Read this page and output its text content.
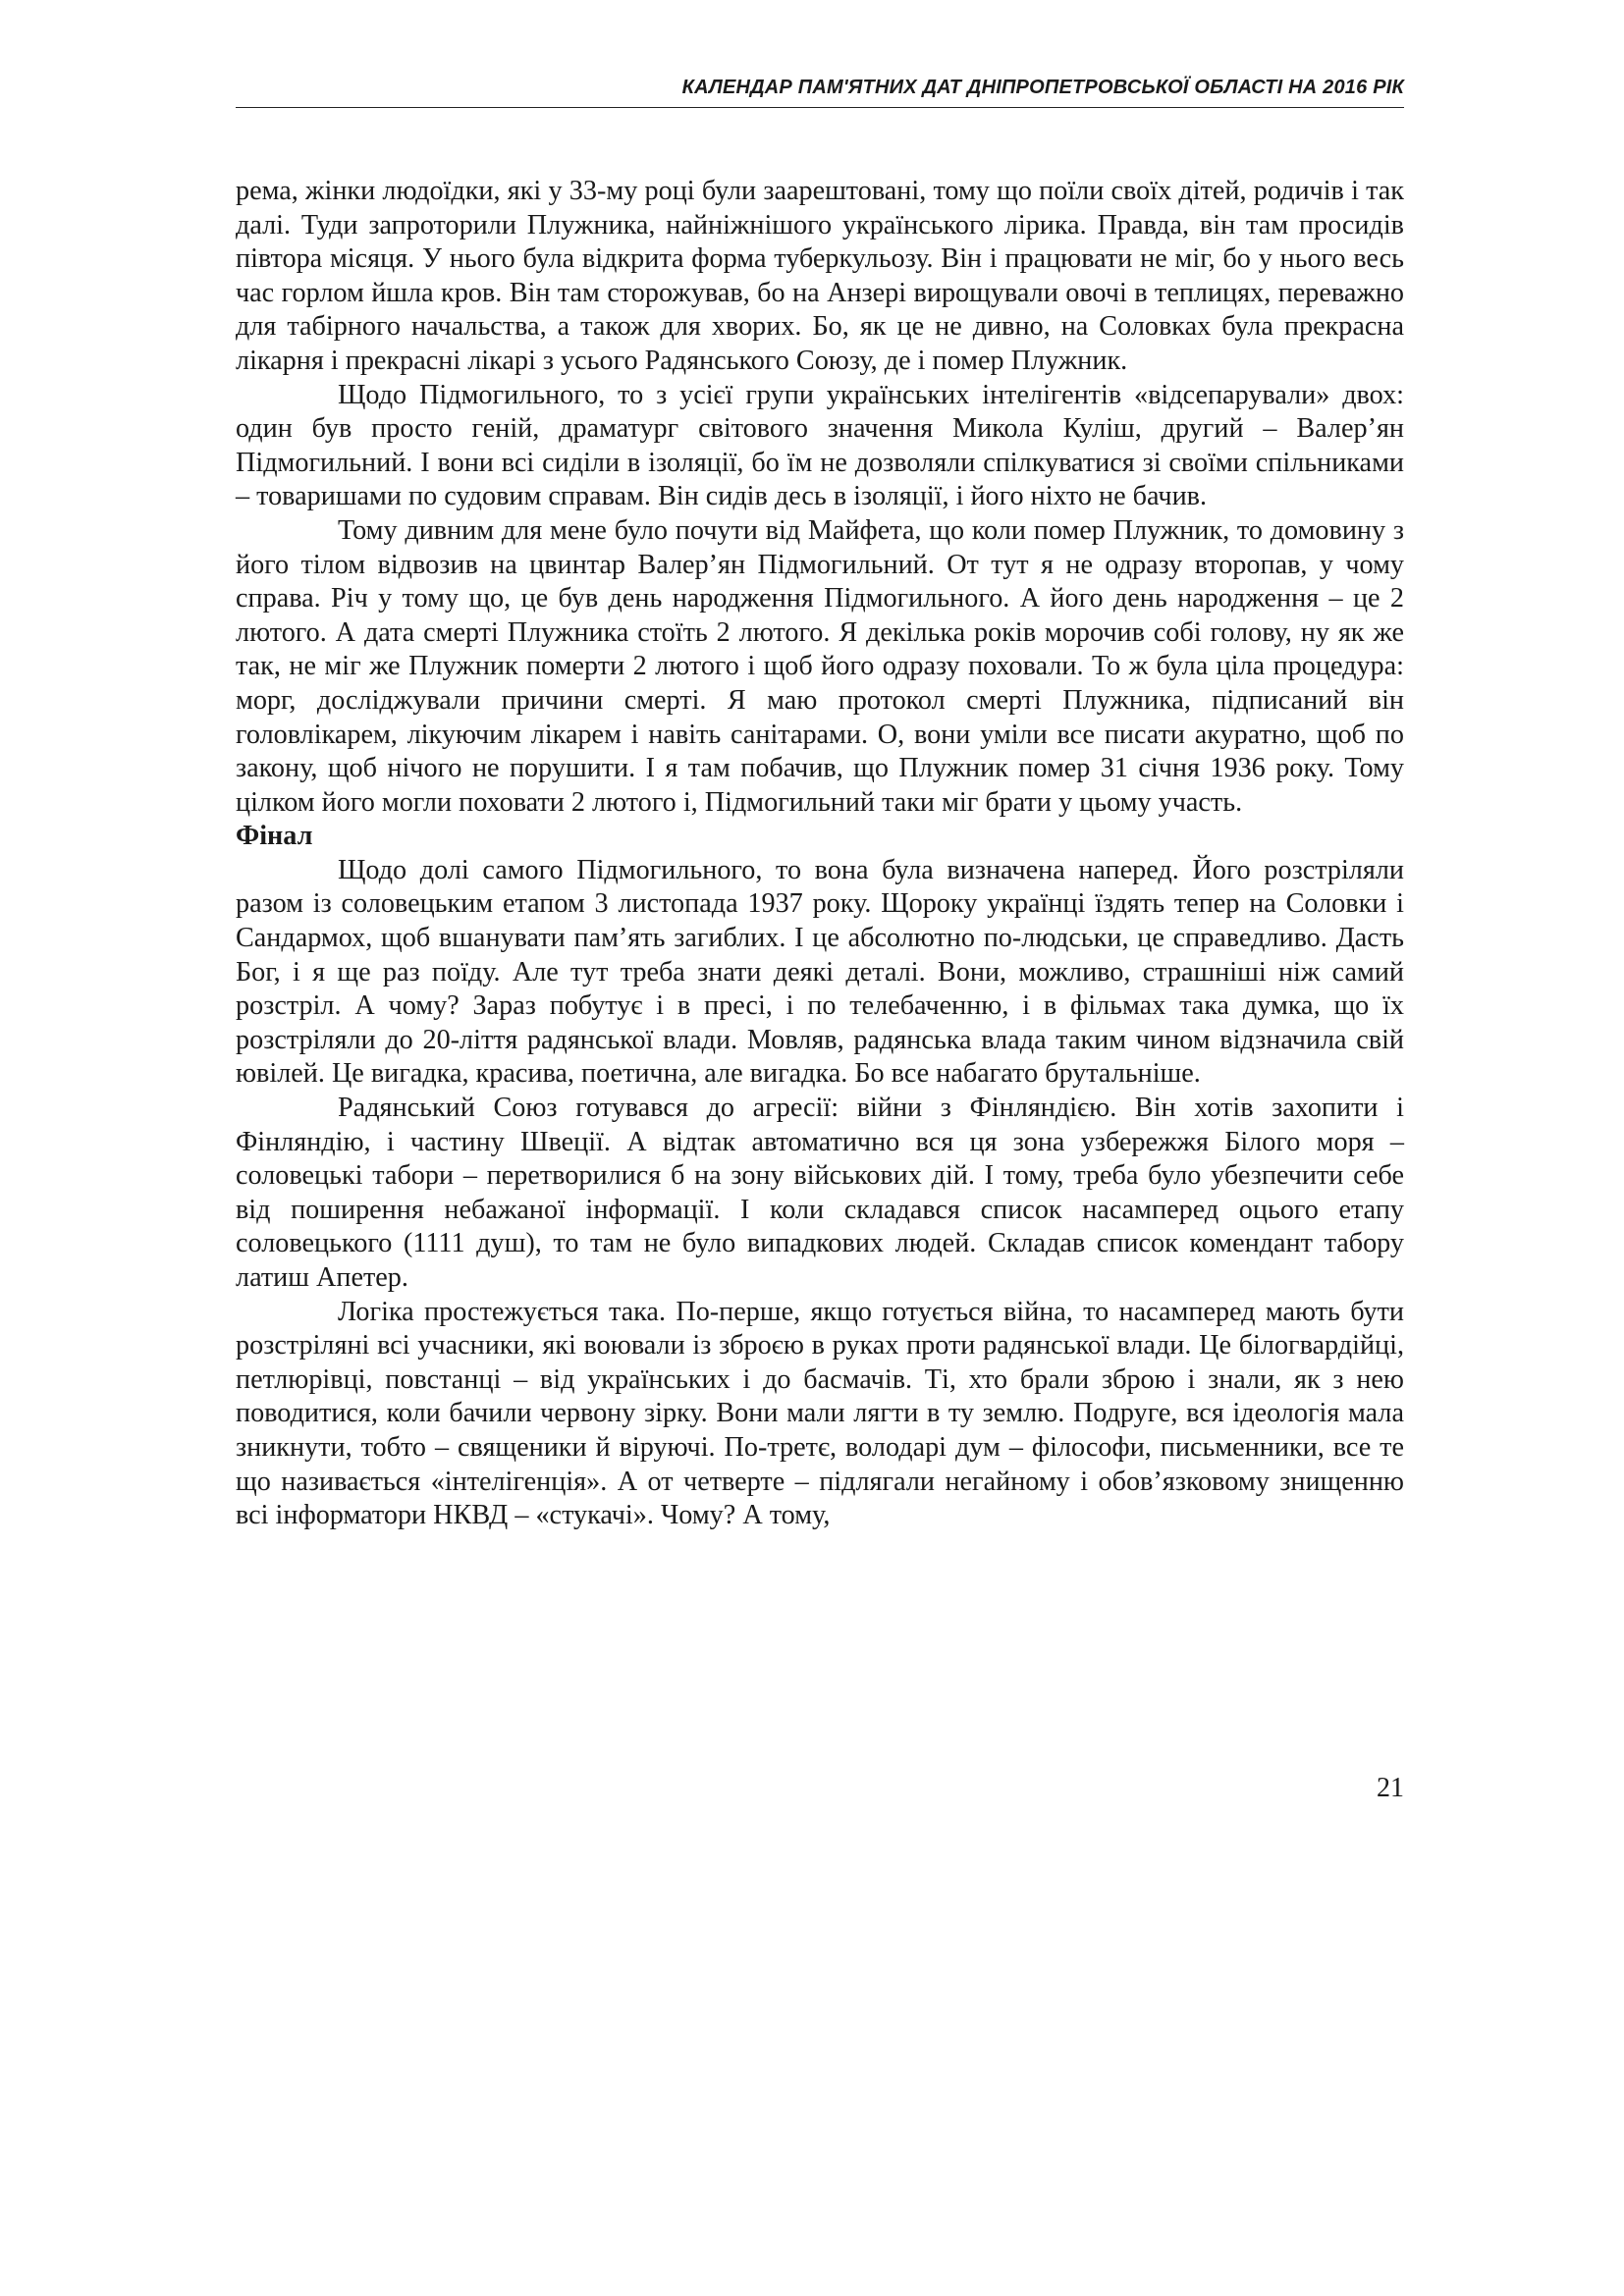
КАЛЕНДАР ПАМ'ЯТНИХ ДАТ ДНІПРОПЕТРОВСЬКОЇ ОБЛАСТІ НА 2016 РІК

рема, жінки людоїдки, які у 33-му році були заарештовані, тому що поїли своїх дітей, родичів і так далі. Туди запроторили Плужника, найніжнішого українського лірика. Правда, він там просидів півтора місяця. У нього була відкрита форма туберкульозу. Він і працювати не міг, бо у нього весь час горлом йшла кров. Він там сторожував, бо на Анзері вирощували овочі в теплицях, переважно для табірного начальства, а також для хворих. Бо, як це не дивно, на Соловках була прекрасна лікарня і прекрасні лікарі з усього Радянського Союзу, де і помер Плужник.

Щодо Підмогильного, то з усієї групи українських інтелігентів «відсепарували» двох: один був просто геній, драматург світового значення Микола Куліш, другий – Валер’ян Підмогильний. І вони всі сиділи в ізоляції, бо їм не дозволяли спілкуватися зі своїми спільниками – товаришами по судовим справам. Він сидів десь в ізоляції, і його ніхто не бачив.

Тому дивним для мене було почути від Майфета, що коли помер Плужник, то домовину з його тілом відвозив на цвинтар Валер’ян Підмогильний. От тут я не одразу второпав, у чому справа. Річ у тому що, це був день народження Підмогильного. А його день народження – це 2 лютого. А дата смерті Плужника стоїть 2 лютого. Я декілька років морочив собі голову, ну як же так, не міг же Плужник померти 2 лютого і щоб його одразу поховали. То ж була ціла процедура: морг, досліджували причини смерті. Я маю протокол смерті Плужника, підписаний він головлікарем, лікуючим лікарем і навіть санітарами. О, вони уміли все писати акуратно, щоб по закону, щоб нічого не порушити. І я там побачив, що Плужник помер 31 січня 1936 року. Тому цілком його могли поховати 2 лютого і, Підмогильний таки міг брати у цьому участь.

Фінал

Щодо долі самого Підмогильного, то вона була визначена наперед. Його розстріляли разом із соловецьким етапом 3 листопада 1937 року. Щороку українці їздять тепер на Соловки і Сандармох, щоб вшанувати пам’ять загиблих. І це абсолютно по-людськи, це справедливо. Дасть Бог, і я ще раз поїду. Але тут треба знати деякі деталі. Вони, можливо, страшніші ніж самий розстріл. А чому? Зараз побутує і в пресі, і по телебаченню, і в фільмах така думка, що їх розстріляли до 20-ліття радянської влади. Мовляв, радянська влада таким чином відзначила свій ювілей. Це вигадка, красива, поетична, але вигадка. Бо все набагато брутальніше.

Радянський Союз готувався до агресії: війни з Фінляндією. Він хотів захопити і Фінляндію, і частину Швеції. А відтак автоматично вся ця зона узбережжя Білого моря – соловецькі табори – перетворилися б на зону військових дій. І тому, треба було убезпечити себе від поширення небажаної інформації. І коли складався список насамперед оцього етапу соловецького (1111 душ), то там не було випадкових людей. Складав список комендант табору латиш Апетер.

Логіка простежується така. По-перше, якщо готується війна, то насамперед мають бути розстріляні всі учасники, які воювали із зброєю в руках проти радянської влади. Це білогвардійці, петлюрівці, повстанці – від українських і до басмачів. Ті, хто брали зброю і знали, як з нею поводитися, коли бачили червону зірку. Вони мали лягти в ту землю. Подруге, вся ідеологія мала зникнути, тобто – священики й віруючі. По-третє, володарі дум – філософи, письменники, все те що називається «інтелігенція». А от четверте – підлягали негайному і обов’язковому знищенню всі інформатори НКВД – «стукачі». Чому? А тому,

21
